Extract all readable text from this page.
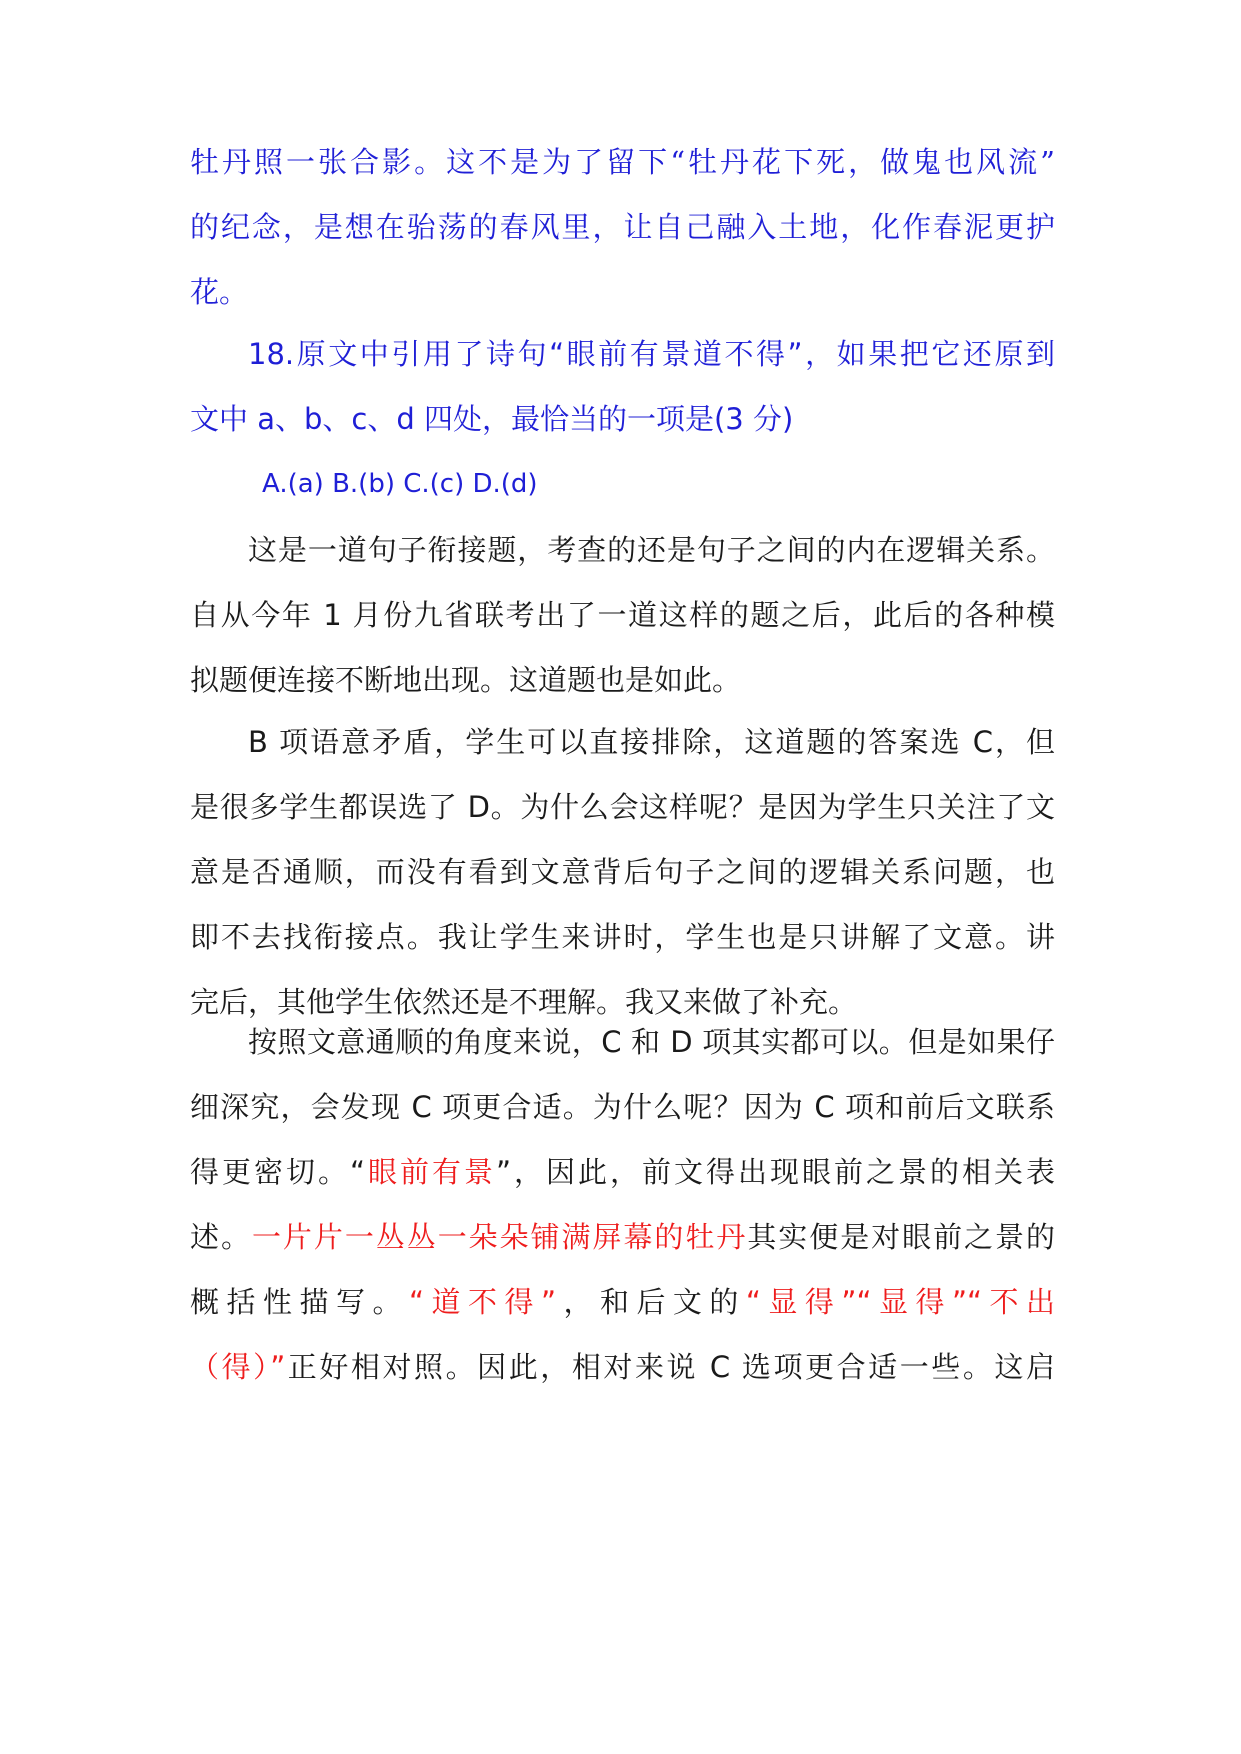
牡丹照一张合影。这不是为了留下“牡丹花下死，做鬼也风流”
的纪念，是想在骀荡的春风里，让自己融入土地，化作春泥更护
花。
18.原文中引用了诗句“眼前有景道不得”，如果把它还原到
文中 a、b、c、d 四处，最恰当的一项是(3 分)
A.(a) B.(b) C.(c) D.(d)
这是一道句子衔接题，考查的还是句子之间的内在逻辑关系。
自从今年 1 月份九省联考出了一道这样的题之后，此后的各种模
拟题便连接不断地出现。这道题也是如此。
B 项语意矛盾，学生可以直接排除，这道题的答案选 C，但
是很多学生都误选了 D。为什么会这样呢？是因为学生只关注了文
意是否通顺，而没有看到文意背后句子之间的逻辑关系问题，也
即不去找衔接点。我让学生来讲时，学生也是只讲解了文意。讲
完后，其他学生依然还是不理解。我又来做了补充。
按照文意通顺的角度来说，C 和 D 项其实都可以。但是如果仔
细深究，会发现 C 项更合适。为什么呢？因为 C 项和前后文联系
得更密切。“眼前有景”，因此，前文得出现眼前之景的相关表
述。一片片一丛丛一朵朵铺满屏幕的牡丹其实便是对眼前之景的
概括性描写。“道不得”，和后文的“显得”“显得”“不出
（得）”正好相对照。因此，相对来说 C 选项更合适一些。这启
